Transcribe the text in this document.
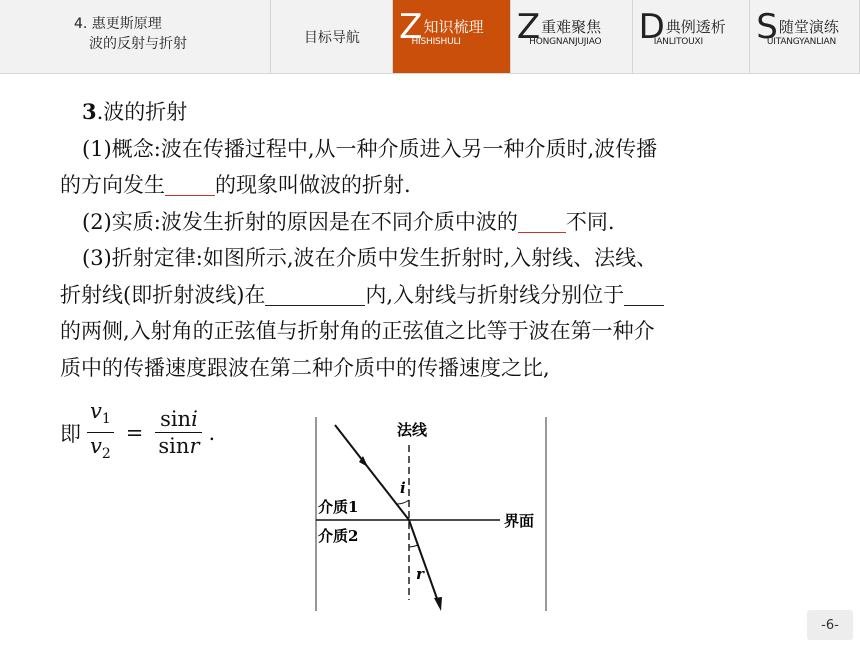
4. 惠更斯原理
波的反射与折射	目标导航 Z 知识梳理
HISHISHULI	Z 重难聚焦
HONGNANJUJIAO D 典例透析
IANLITOUXI	S 随堂演练
UITANGYANLIAN

3.波的折射

(1)概念:波在传播过程中,从一种介质进入另一种介质时,波传播

的方向发生 的现象叫做波的折射.

(2)实质:波发生折射的原因是在不同介质中波的 不同.

(3)折射定律:如图所示,波在介质中发生折射时,入射线、法线、

折射线(即折射波线)在	内,入射线与折射线分别位于

的两侧,入射角的正弦值与折射角的正弦值之比等于波在第一种介

质中的传播速度跟波在第二种介质中的传播速度之比,

即 $\frac{v_1}{v_2} = \frac{\sin i}{\sin r}$ .	法线
i
介质1
介质2
界面
r
-6-
